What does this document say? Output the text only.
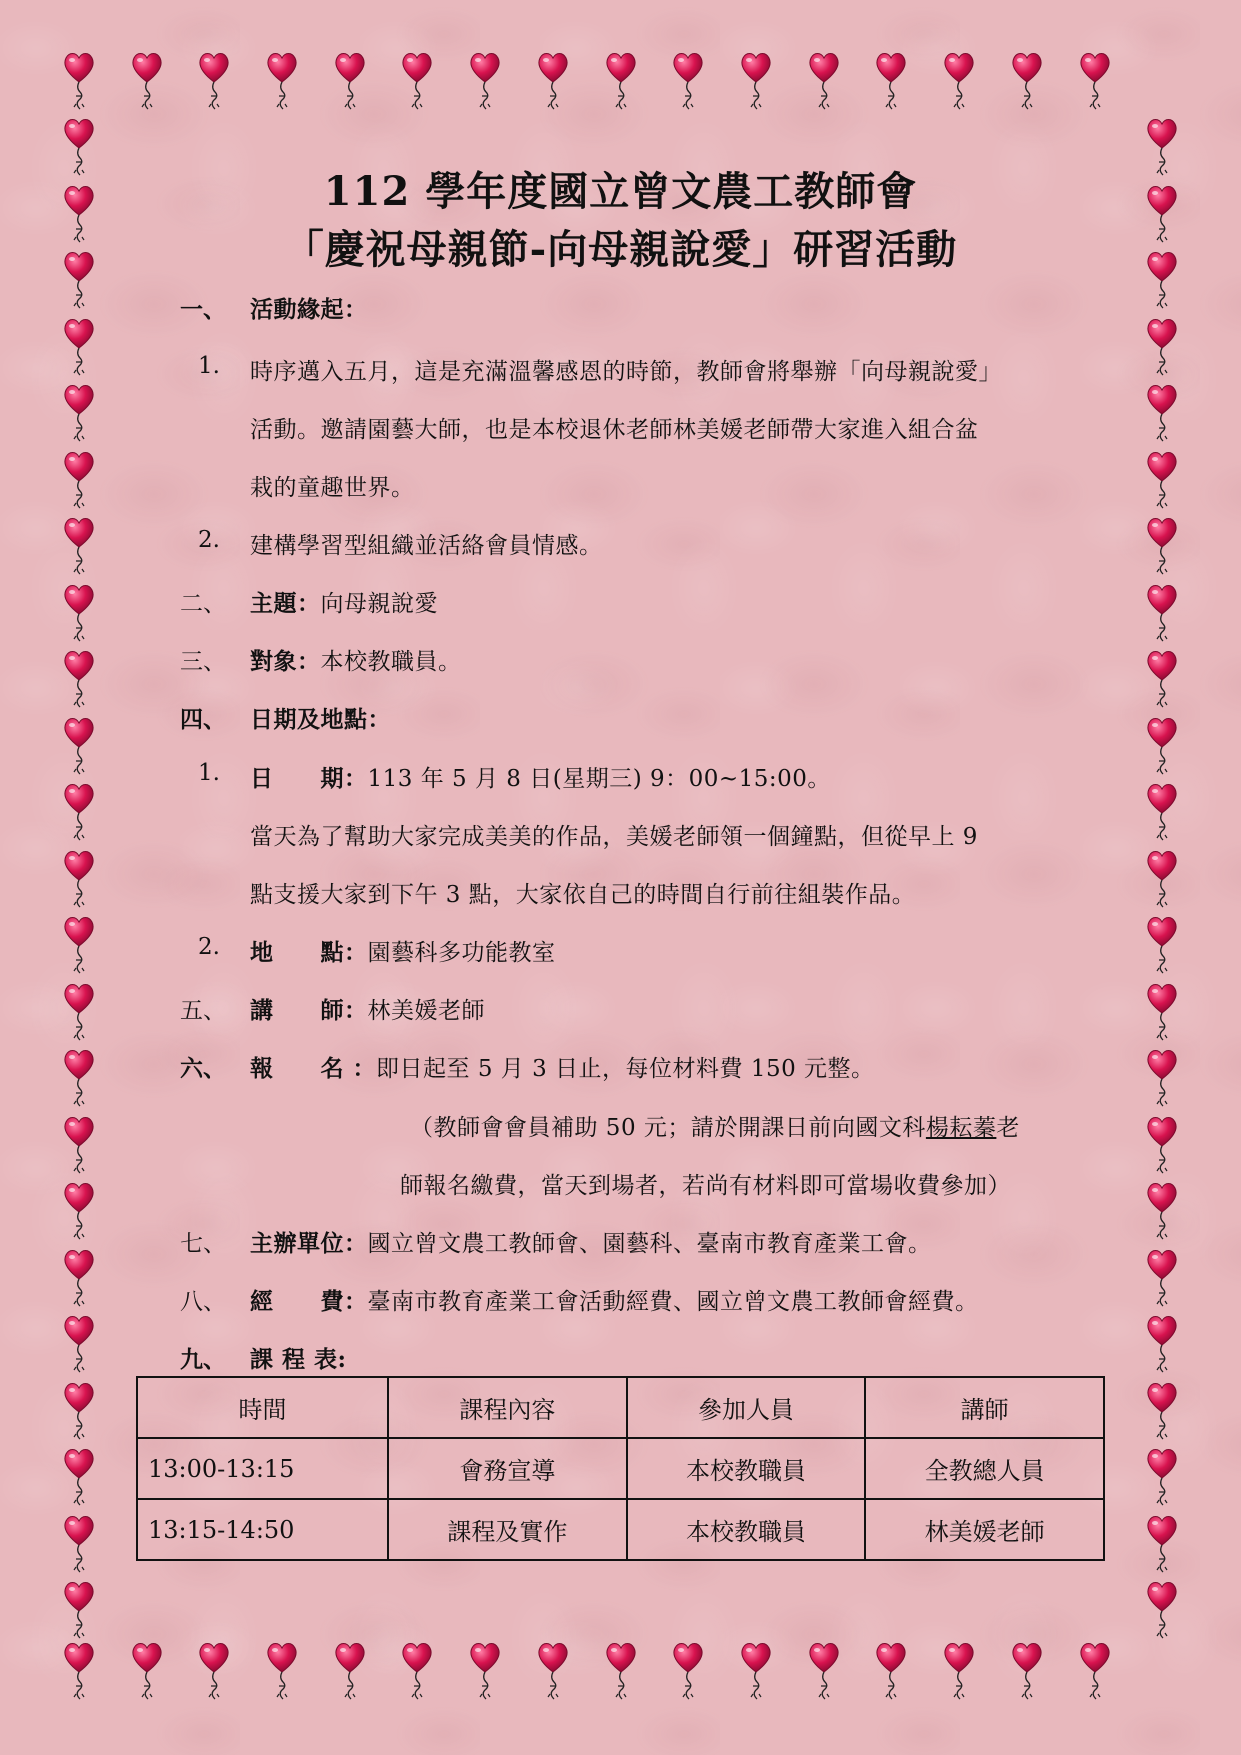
112 學年度國立曾文農工教師會
「慶祝母親節-向母親說愛」研習活動
一、 活動緣起：
1. 時序邁入五月，這是充滿溫馨感恩的時節，教師會將舉辦「向母親說愛」
活動。邀請園藝大師，也是本校退休老師林美媛老師帶大家進入組合盆
栽的童趣世界。
2. 建構學習型組織並活絡會員情感。
二、 主題：向母親說愛
三、 對象：本校教職員。
四、 日期及地點：
1. 日　　期：113 年 5 月 8 日(星期三) 9：00~15:00。
當天為了幫助大家完成美美的作品，美媛老師領一個鐘點，但從早上 9
點支援大家到下午 3 點，大家依自己的時間自行前往組裝作品。
2. 地　　點：園藝科多功能教室
五、 講　　師：林美媛老師
六、 報　　名 ：即日起至 5 月 3 日止，每位材料費 150 元整。
（教師會會員補助 50 元；請於開課日前向國文科楊耘蓁老
師報名繳費，當天到場者，若尚有材料即可當場收費參加）
七、 主辦單位：國立曾文農工教師會、園藝科、臺南市教育產業工會。
八、 經　　費：臺南市教育產業工會活動經費、國立曾文農工教師會經費。
九、 課 程 表:
時間	課程內容	參加人員	講師
13:00-13:15	會務宣導	本校教職員	全教總人員
13:15-14:50	課程及實作	本校教職員	林美媛老師
